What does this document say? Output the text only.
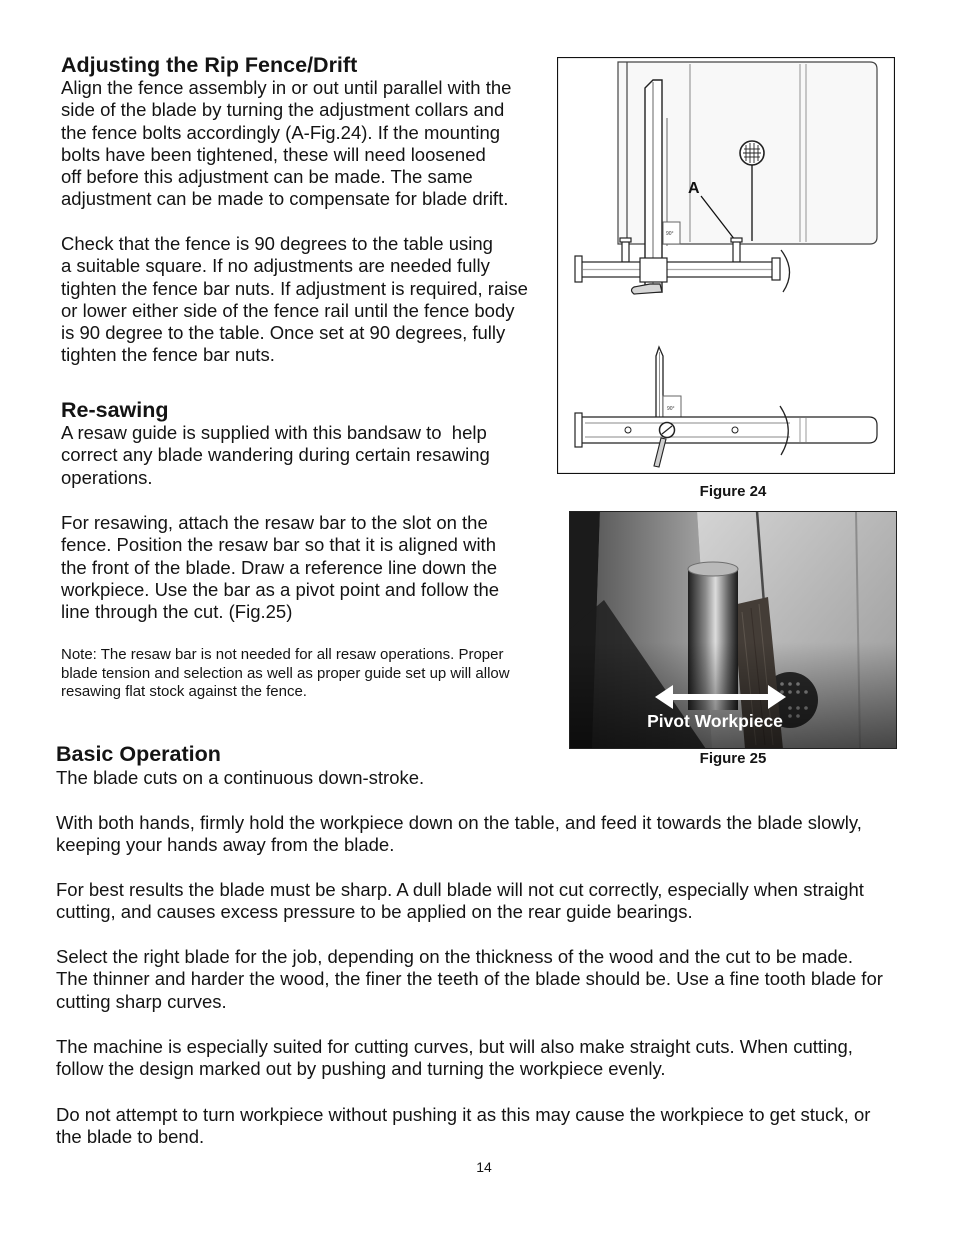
Adjusting the Rip Fence/Drift
Align the fence assembly in or out until parallel with the
side of the blade by turning the adjustment collars and
the fence bolts accordingly (A-Fig.24). If the mounting
bolts have been tightened, these will need loosened
off before this adjustment can be made. The same
adjustment can be made to compensate for blade drift.
Check that the fence is 90 degrees to the table using
a suitable square. If no adjustments are needed fully
tighten the fence bar nuts. If adjustment is required, raise
or lower either side of the fence rail until the fence body
is 90 degree to the table. Once set at 90 degrees, fully
tighten the fence bar nuts.
Re-sawing
A resaw guide is supplied with this bandsaw to  help
correct any blade wandering during certain resawing
operations.
For resawing, attach the resaw bar to the slot on the
fence. Position the resaw bar so that it is aligned with
the front of the blade. Draw a reference line down the
workpiece. Use the bar as a pivot point and follow the
line through the cut. (Fig.25)
Note: The resaw bar is not needed for all resaw operations. Proper
blade tension and selection as well as proper guide set up will allow
resawing flat stock against the fence.
Basic Operation
The blade cuts on a continuous down-stroke.
With both hands, firmly hold the workpiece down on the table, and feed it towards the blade slowly,
keeping your hands away from the blade.
For best results the blade must be sharp. A dull blade will not cut correctly, especially when straight
cutting, and causes excess pressure to be applied on the rear guide bearings.
Select the right blade for the job, depending on the thickness of the wood and the cut to be made.
The thinner and harder the wood, the finer the teeth of the blade should be. Use a fine tooth blade for
cutting sharp curves.
The machine is especially suited for cutting curves, but will also make straight cuts. When cutting,
follow the design marked out by pushing and turning the workpiece evenly.
Do not attempt to turn workpiece without pushing it as this may cause the workpiece to get stuck, or
the blade to bend.
90°
A
90°
Figure 24
Pivot Workpiece
Figure 25
14
